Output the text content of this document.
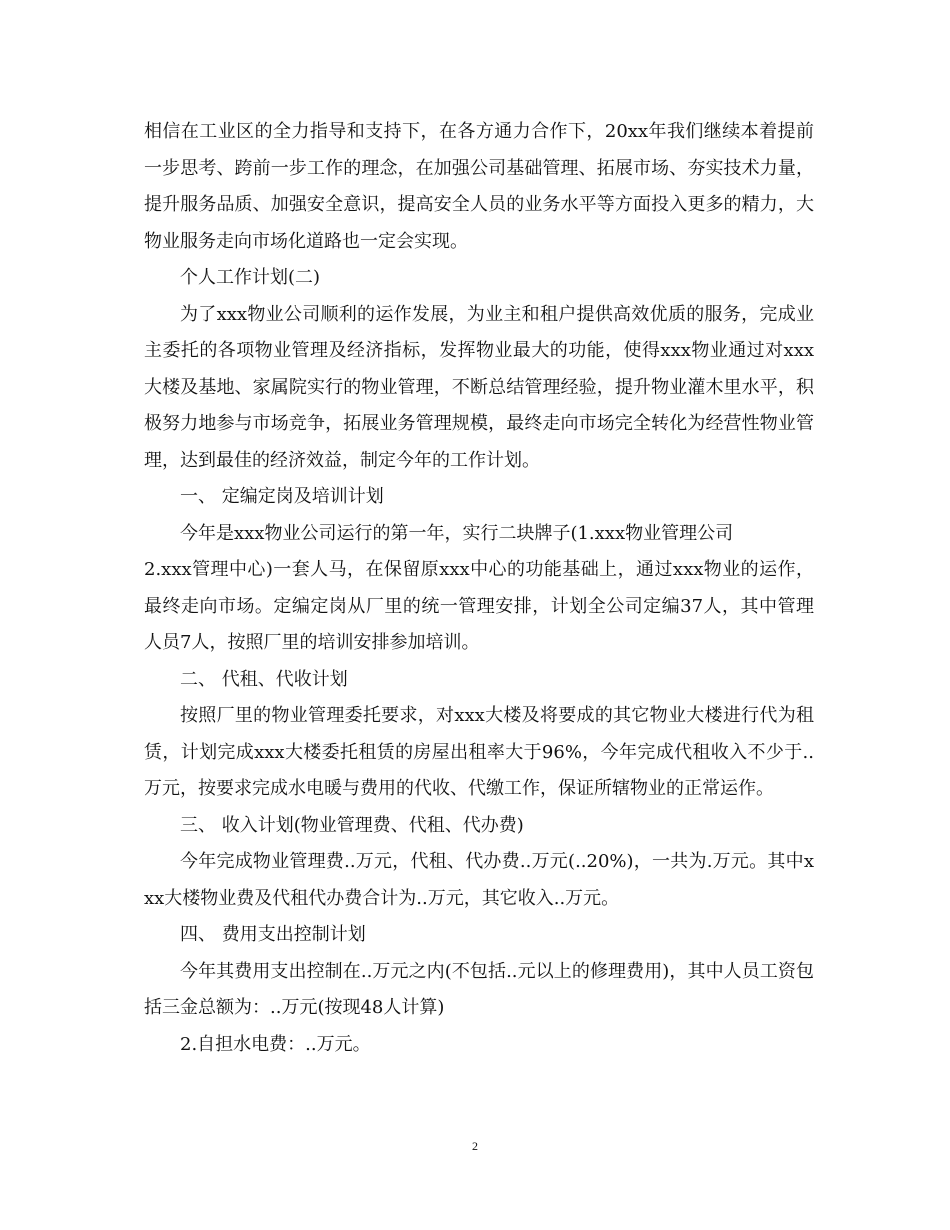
相信在工业区的全力指导和支持下，在各方通力合作下，20xx年我们继续本着提前一步思考、跨前一步工作的理念，在加强公司基础管理、拓展市场、夯实技术力量，提升服务品质、加强安全意识，提高安全人员的业务水平等方面投入更多的精力，大物业服务走向市场化道路也一定会实现。

个人工作计划(二)

为了xxx物业公司顺利的运作发展，为业主和租户提供高效优质的服务，完成业主委托的各项物业管理及经济指标，发挥物业最大的功能，使得xxx物业通过对xxx大楼及基地、家属院实行的物业管理，不断总结管理经验，提升物业灌木里水平，积极努力地参与市场竞争，拓展业务管理规模，最终走向市场完全转化为经营性物业管理，达到最佳的经济效益，制定今年的工作计划。

一、 定编定岗及培训计划

今年是xxx物业公司运行的第一年，实行二块牌子(1.xxx物业管理公司

2.xxx管理中心)一套人马，在保留原xxx中心的功能基础上，通过xxx物业的运作，最终走向市场。定编定岗从厂里的统一管理安排，计划全公司定编37人，其中管理人员7人，按照厂里的培训安排参加培训。

二、 代租、代收计划

按照厂里的物业管理委托要求，对xxx大楼及将要成的其它物业大楼进行代为租赁，计划完成xxx大楼委托租赁的房屋出租率大于96%，今年完成代租收入不少于..万元，按要求完成水电暖与费用的代收、代缴工作，保证所辖物业的正常运作。

三、 收入计划(物业管理费、代租、代办费)

今年完成物业管理费..万元，代租、代办费..万元(..20%)，一共为.万元。其中xxx大楼物业费及代租代办费合计为..万元，其它收入..万元。

四、 费用支出控制计划

今年其费用支出控制在..万元之内(不包括..元以上的修理费用)，其中人员工资包括三金总额为：..万元(按现48人计算)

2.自担水电费：..万元。

2
